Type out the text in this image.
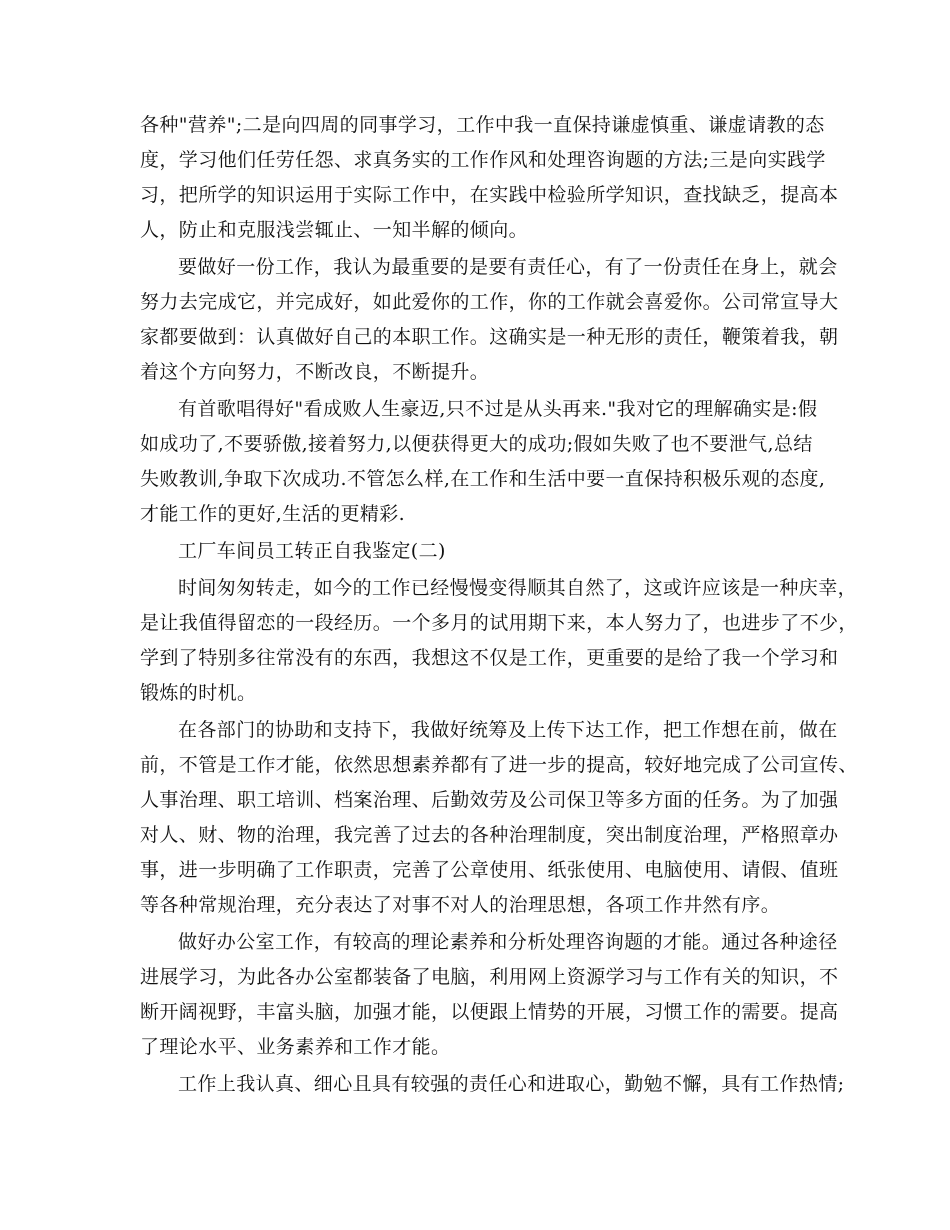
各种"营养";二是向四周的同事学习，工作中我一直保持谦虚慎重、谦虚请教的态
度，学习他们任劳任怨、求真务实的工作作风和处理咨询题的方法;三是向实践学
习，把所学的知识运用于实际工作中，在实践中检验所学知识，查找缺乏，提高本
人，防止和克服浅尝辄止、一知半解的倾向。
要做好一份工作，我认为最重要的是要有责任心，有了一份责任在身上，就会
努力去完成它，并完成好，如此爱你的工作，你的工作就会喜爱你。公司常宣导大
家都要做到：认真做好自己的本职工作。这确实是一种无形的责任，鞭策着我，朝
着这个方向努力，不断改良，不断提升。
有首歌唱得好"看成败人生豪迈,只不过是从头再来."我对它的理解确实是:假
如成功了,不要骄傲,接着努力,以便获得更大的成功;假如失败了也不要泄气,总结
失败教训,争取下次成功.不管怎么样,在工作和生活中要一直保持积极乐观的态度,
才能工作的更好,生活的更精彩.
工厂车间员工转正自我鉴定(二)
时间匆匆转走，如今的工作已经慢慢变得顺其自然了，这或许应该是一种庆幸，
是让我值得留恋的一段经历。一个多月的试用期下来，本人努力了，也进步了不少，
学到了特别多往常没有的东西，我想这不仅是工作，更重要的是给了我一个学习和
锻炼的时机。
在各部门的协助和支持下，我做好统筹及上传下达工作，把工作想在前，做在
前，不管是工作才能，依然思想素养都有了进一步的提高，较好地完成了公司宣传、
人事治理、职工培训、档案治理、后勤效劳及公司保卫等多方面的任务。为了加强
对人、财、物的治理，我完善了过去的各种治理制度，突出制度治理，严格照章办
事，进一步明确了工作职责，完善了公章使用、纸张使用、电脑使用、请假、值班
等各种常规治理，充分表达了对事不对人的治理思想，各项工作井然有序。
做好办公室工作，有较高的理论素养和分析处理咨询题的才能。通过各种途径
进展学习，为此各办公室都装备了电脑，利用网上资源学习与工作有关的知识，不
断开阔视野，丰富头脑，加强才能，以便跟上情势的开展，习惯工作的需要。提高
了理论水平、业务素养和工作才能。
工作上我认真、细心且具有较强的责任心和进取心，勤勉不懈，具有工作热情;
